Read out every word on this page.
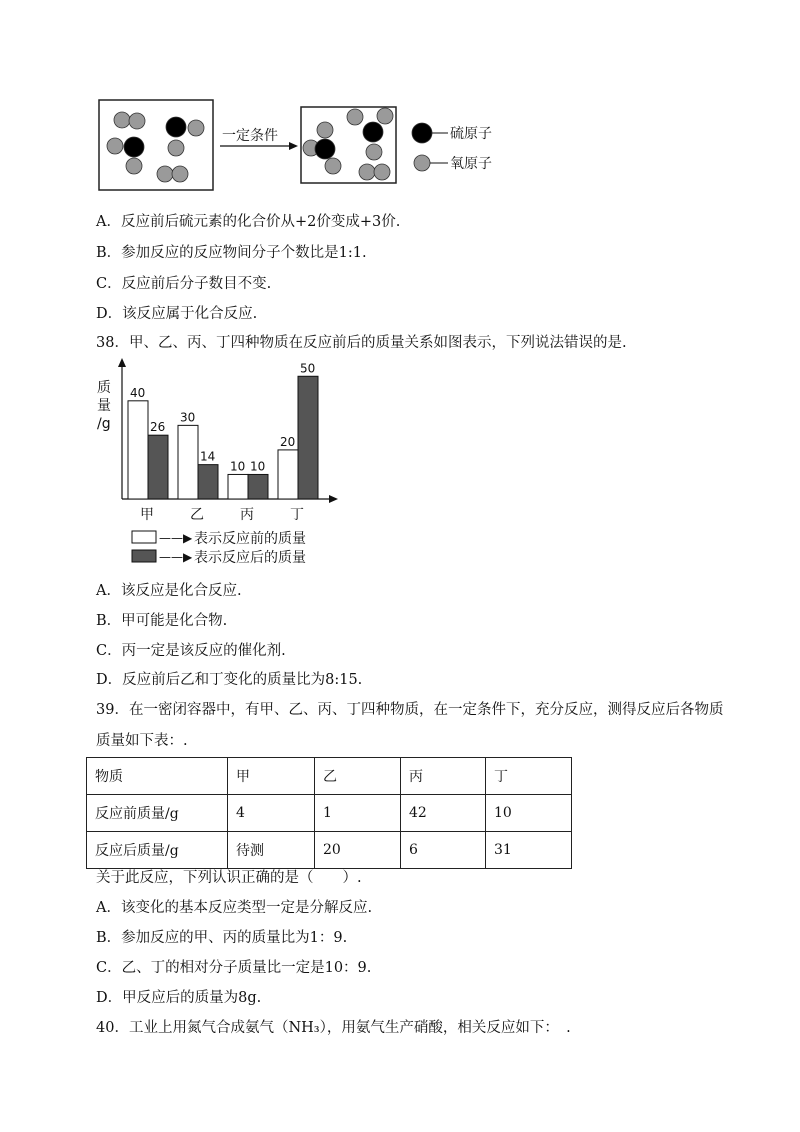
一定条件	硫原子
氧原子
A．反应前后硫元素的化合价从+2价变成+3价.
B．参加反应的反应物间分子个数比是1:1.
C．反应前后分子数目不变.
D．该反应属于化合反应.
38．甲、乙、丙、丁四种物质在反应前后的质量关系如图表示，下列说法错误的是.
质
量
/g
40
26
30
14
10 10
20
50
甲	乙	丙	丁
——▶ 表示反应前的质量
——▶ 表示反应后的质量
A．该反应是化合反应.
B．甲可能是化合物.
C．丙一定是该反应的催化剂.
D．反应前后乙和丁变化的质量比为8:15.
39．在一密闭容器中，有甲、乙、丙、丁四种物质，在一定条件下，充分反应，测得反应后各物质
质量如下表：.
物质	甲	乙	丙	丁
反应前质量/g	4	1	42	10
反应后质量/g	待测	20	6	31
关于此反应，下列认识正确的是（　　）.
A．该变化的基本反应类型一定是分解反应.
B．参加反应的甲、丙的质量比为1：9.
C．乙、丁的相对分子质量比一定是10：9.
D．甲反应后的质量为8g.
40．工业上用氮气合成氨气（NH₃），用氨气生产硝酸，相关反应如下：　.
